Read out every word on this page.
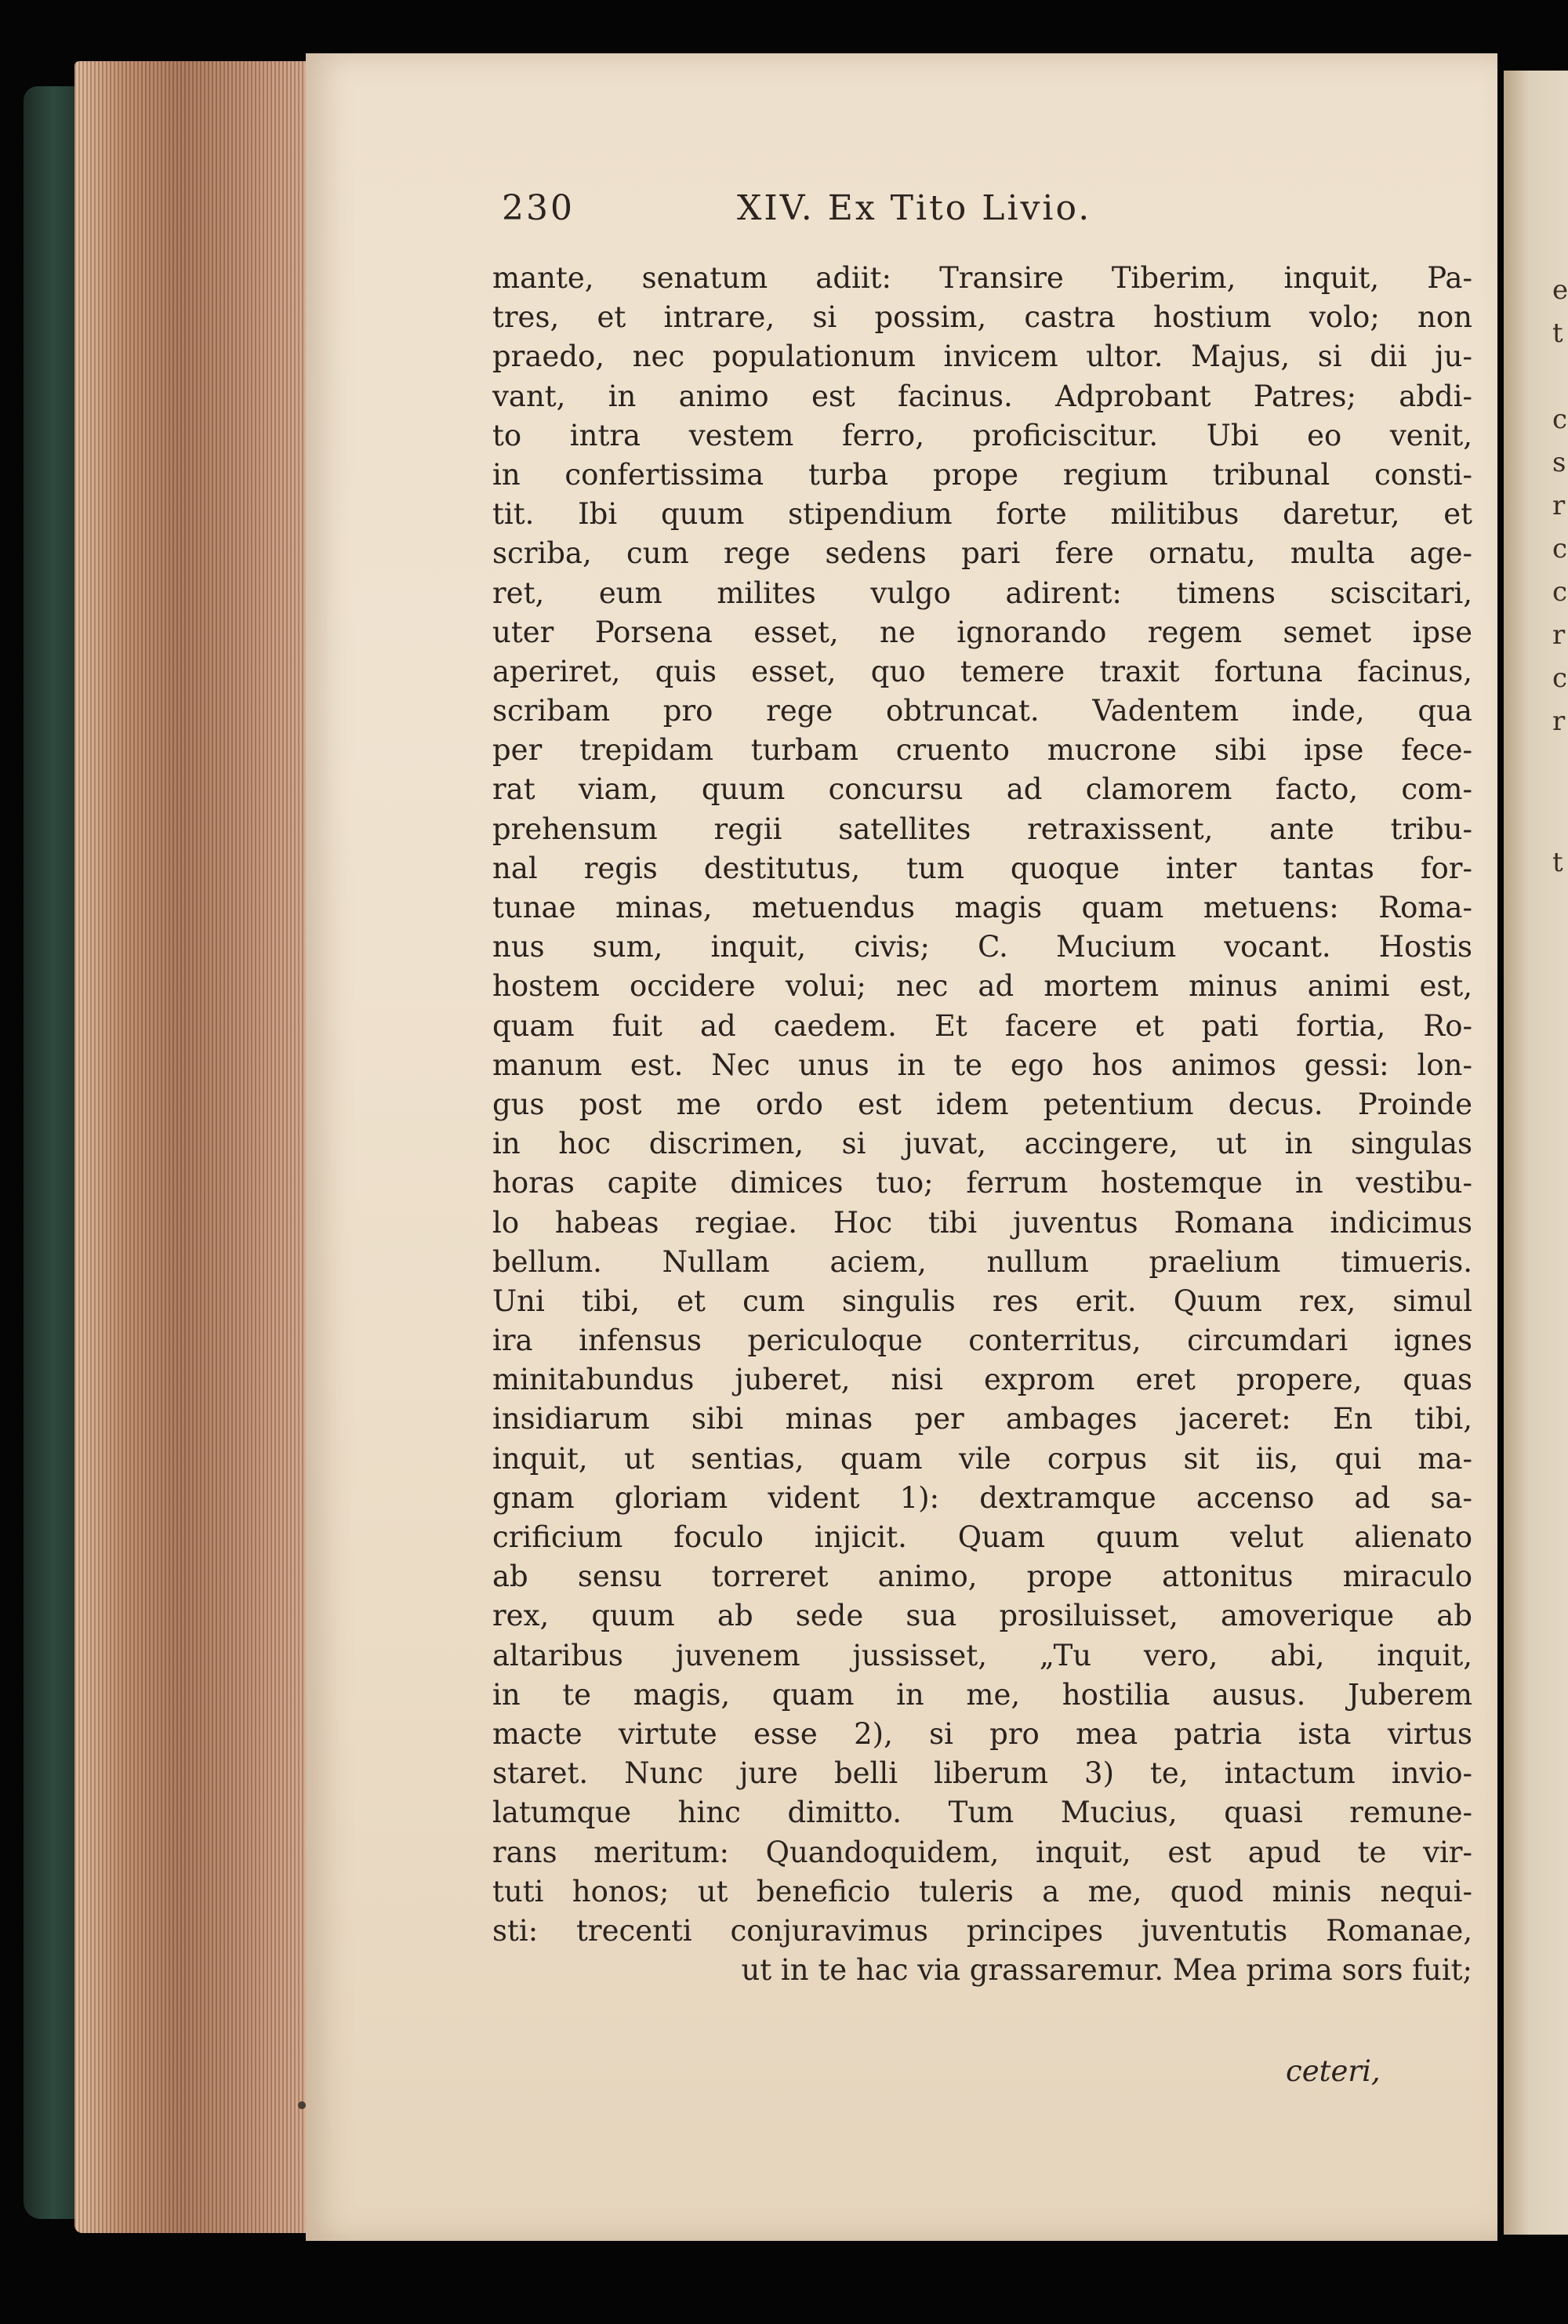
e
t
c
s
r
c
c
r
c
r
t
230	XIV. Ex Tito Livio.
mante, senatum adiit: Transire Tiberim, inquit, Pa-
tres, et intrare, si possim, castra hostium volo; non
praedo, nec populationum invicem ultor. Majus, si dii ju-
vant, in animo est facinus. Adprobant Patres; abdi-
to intra vestem ferro, proficiscitur. Ubi eo venit,
in confertissima turba prope regium tribunal consti-
tit. Ibi quum stipendium forte militibus daretur, et
scriba, cum rege sedens pari fere ornatu, multa age-
ret, eum milites vulgo adirent: timens sciscitari,
uter Porsena esset, ne ignorando regem semet ipse
aperiret, quis esset, quo temere traxit fortuna facinus,
scribam pro rege obtruncat. Vadentem inde, qua
per trepidam turbam cruento mucrone sibi ipse fece-
rat viam, quum concursu ad clamorem facto, com-
prehensum regii satellites retraxissent, ante tribu-
nal regis destitutus, tum quoque inter tantas for-
tunae minas, metuendus magis quam metuens: Roma-
nus sum, inquit, civis; C. Mucium vocant. Hostis
hostem occidere volui; nec ad mortem minus animi est,
quam fuit ad caedem. Et facere et pati fortia, Ro-
manum est. Nec unus in te ego hos animos gessi: lon-
gus post me ordo est idem petentium decus. Proinde
in hoc discrimen, si juvat, accingere, ut in singulas
horas capite dimices tuo; ferrum hostemque in vestibu-
lo habeas regiae. Hoc tibi juventus Romana indicimus
bellum. Nullam aciem, nullum praelium timueris.
Uni tibi, et cum singulis res erit. Quum rex, simul
ira infensus periculoque conterritus, circumdari ignes
minitabundus juberet, nisi exprom eret propere, quas
insidiarum sibi minas per ambages jaceret: En tibi,
inquit, ut sentias, quam vile corpus sit iis, qui ma-
gnam gloriam vident 1): dextramque accenso ad sa-
crificium foculo injicit. Quam quum velut alienato
ab sensu torreret animo, prope attonitus miraculo
rex, quum ab sede sua prosiluisset, amoverique ab
altaribus juvenem jussisset, „Tu vero, abi, inquit,
in te magis, quam in me, hostilia ausus. Juberem
macte virtute esse 2), si pro mea patria ista virtus
staret. Nunc jure belli liberum 3) te, intactum invio-
latumque hinc dimitto. Tum Mucius, quasi remune-
rans meritum: Quandoquidem, inquit, est apud te vir-
tuti honos; ut beneficio tuleris a me, quod minis nequi-
sti: trecenti conjuravimus principes juventutis Romanae,
ut in te hac via grassaremur. Mea prima sors fuit;
ceteri,
